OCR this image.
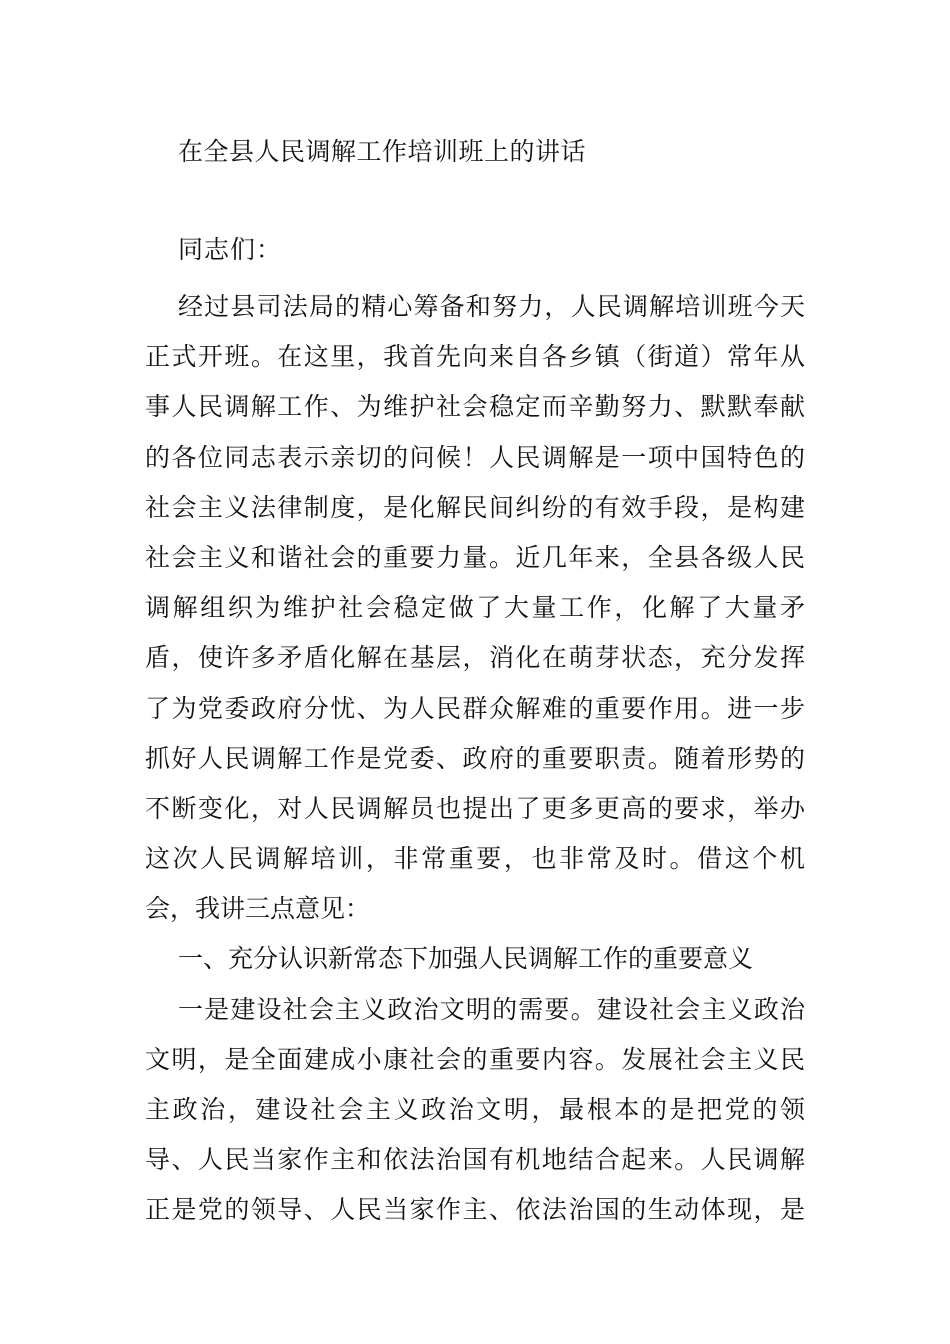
在全县人民调解工作培训班上的讲话
同志们：
经过县司法局的精心筹备和努力，人民调解培训班今天
正式开班。在这里，我首先向来自各乡镇（街道）常年从
事人民调解工作、为维护社会稳定而辛勤努力、默默奉献
的各位同志表示亲切的问候！人民调解是一项中国特色的
社会主义法律制度，是化解民间纠纷的有效手段，是构建
社会主义和谐社会的重要力量。近几年来，全县各级人民
调解组织为维护社会稳定做了大量工作，化解了大量矛
盾，使许多矛盾化解在基层，消化在萌芽状态，充分发挥
了为党委政府分忧、为人民群众解难的重要作用。进一步
抓好人民调解工作是党委、政府的重要职责。随着形势的
不断变化，对人民调解员也提出了更多更高的要求，举办
这次人民调解培训，非常重要，也非常及时。借这个机
会，我讲三点意见：
一、充分认识新常态下加强人民调解工作的重要意义
一是建设社会主义政治文明的需要。建设社会主义政治
文明，是全面建成小康社会的重要内容。发展社会主义民
主政治，建设社会主义政治文明，最根本的是把党的领
导、人民当家作主和依法治国有机地结合起来。人民调解
正是党的领导、人民当家作主、依法治国的生动体现，是
